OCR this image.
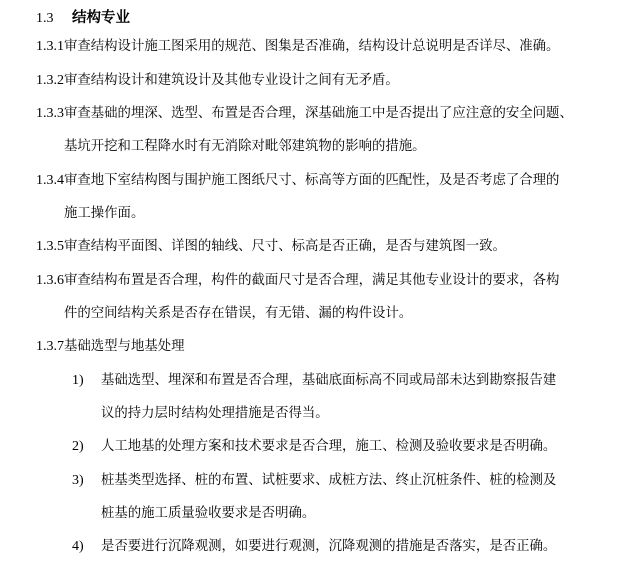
1.3 结构专业
1.3.1审查结构设计施工图采用的规范、图集是否准确，结构设计总说明是否详尽、准确。
1.3.2审查结构设计和建筑设计及其他专业设计之间有无矛盾。
1.3.3审查基础的埋深、选型、布置是否合理，深基础施工中是否提出了应注意的安全问题、
基坑开挖和工程降水时有无消除对毗邻建筑物的影响的措施。
1.3.4审查地下室结构图与围护施工图纸尺寸、标高等方面的匹配性，及是否考虑了合理的
施工操作面。
1.3.5审查结构平面图、详图的轴线、尺寸、标高是否正确，是否与建筑图一致。
1.3.6审查结构布置是否合理，构件的截面尺寸是否合理，满足其他专业设计的要求，各构
件的空间结构关系是否存在错误，有无错、漏的构件设计。
1.3.7基础选型与地基处理
1) 基础选型、埋深和布置是否合理，基础底面标高不同或局部未达到勘察报告建
议的持力层时结构处理措施是否得当。
2) 人工地基的处理方案和技术要求是否合理，施工、检测及验收要求是否明确。
3) 桩基类型选择、桩的布置、试桩要求、成桩方法、终止沉桩条件、桩的检测及
桩基的施工质量验收要求是否明确。
4) 是否要进行沉降观测，如要进行观测，沉降观测的措施是否落实，是否正确。
